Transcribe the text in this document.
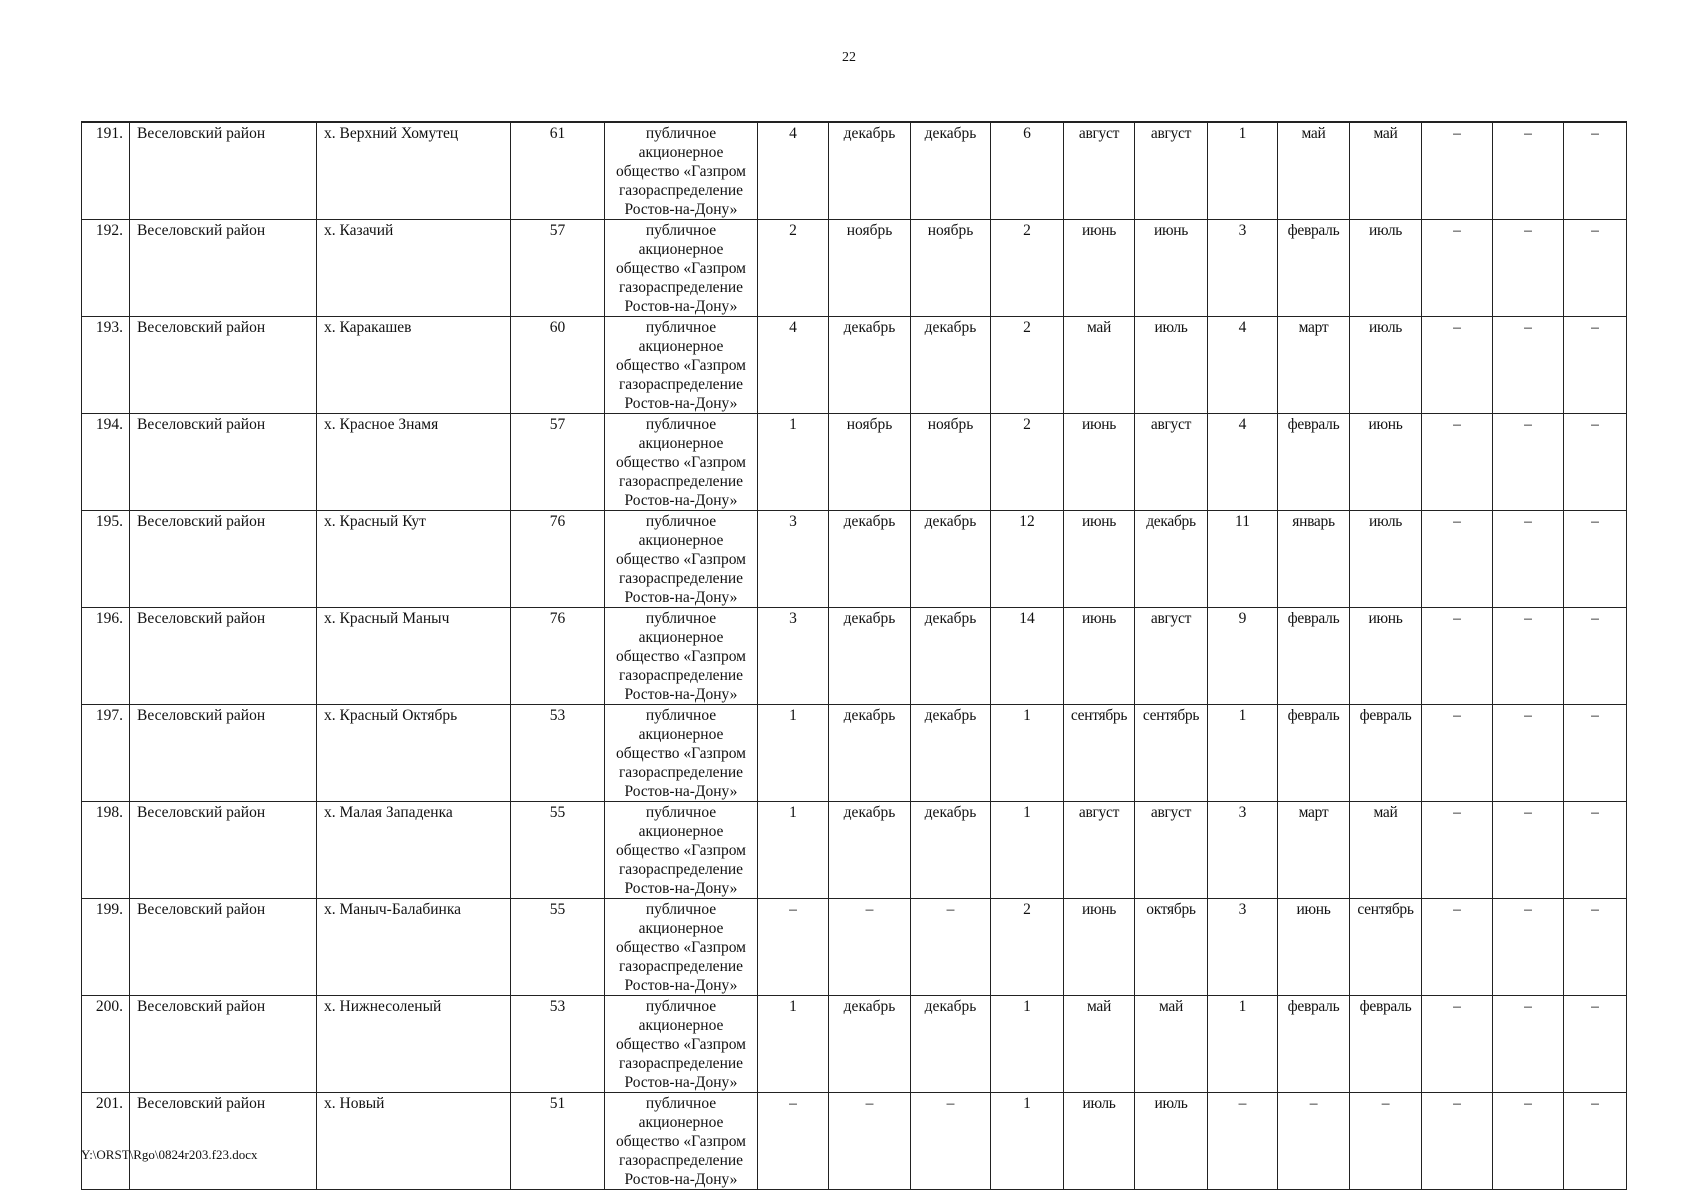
22
191.	Веселовский район	х. Верхний Хомутец	61	публичное акционерное общество «Газпром газораспределение Ростов-на-Дону»	4	декабрь	декабрь	6	август	август	1	май	май	–	–	–
192.	Веселовский район	х. Казачий	57	публичное акционерное общество «Газпром газораспределение Ростов-на-Дону»	2	ноябрь	ноябрь	2	июнь	июнь	3	февраль	июль	–	–	–
193.	Веселовский район	х. Каракашев	60	публичное акционерное общество «Газпром газораспределение Ростов-на-Дону»	4	декабрь	декабрь	2	май	июль	4	март	июль	–	–	–
194.	Веселовский район	х. Красное Знамя	57	публичное акционерное общество «Газпром газораспределение Ростов-на-Дону»	1	ноябрь	ноябрь	2	июнь	август	4	февраль	июнь	–	–	–
195.	Веселовский район	х. Красный Кут	76	публичное акционерное общество «Газпром газораспределение Ростов-на-Дону»	3	декабрь	декабрь	12	июнь	декабрь	11	январь	июль	–	–	–
196.	Веселовский район	х. Красный Маныч	76	публичное акционерное общество «Газпром газораспределение Ростов-на-Дону»	3	декабрь	декабрь	14	июнь	август	9	февраль	июнь	–	–	–
197.	Веселовский район	х. Красный Октябрь	53	публичное акционерное общество «Газпром газораспределение Ростов-на-Дону»	1	декабрь	декабрь	1	сентябрь	сентябрь	1	февраль	февраль	–	–	–
198.	Веселовский район	х. Малая Западенка	55	публичное акционерное общество «Газпром газораспределение Ростов-на-Дону»	1	декабрь	декабрь	1	август	август	3	март	май	–	–	–
199.	Веселовский район	х. Маныч-Балабинка	55	публичное акционерное общество «Газпром газораспределение Ростов-на-Дону»	–	–	–	2	июнь	октябрь	3	июнь	сентябрь	–	–	–
200.	Веселовский район	х. Нижнесоленый	53	публичное акционерное общество «Газпром газораспределение Ростов-на-Дону»	1	декабрь	декабрь	1	май	май	1	февраль	февраль	–	–	–
201.	Веселовский район	х. Новый	51	публичное акционерное общество «Газпром газораспределение Ростов-на-Дону»	–	–	–	1	июль	июль	–	–	–	–	–	–
Y:\ORST\Rgo\0824r203.f23.docx
